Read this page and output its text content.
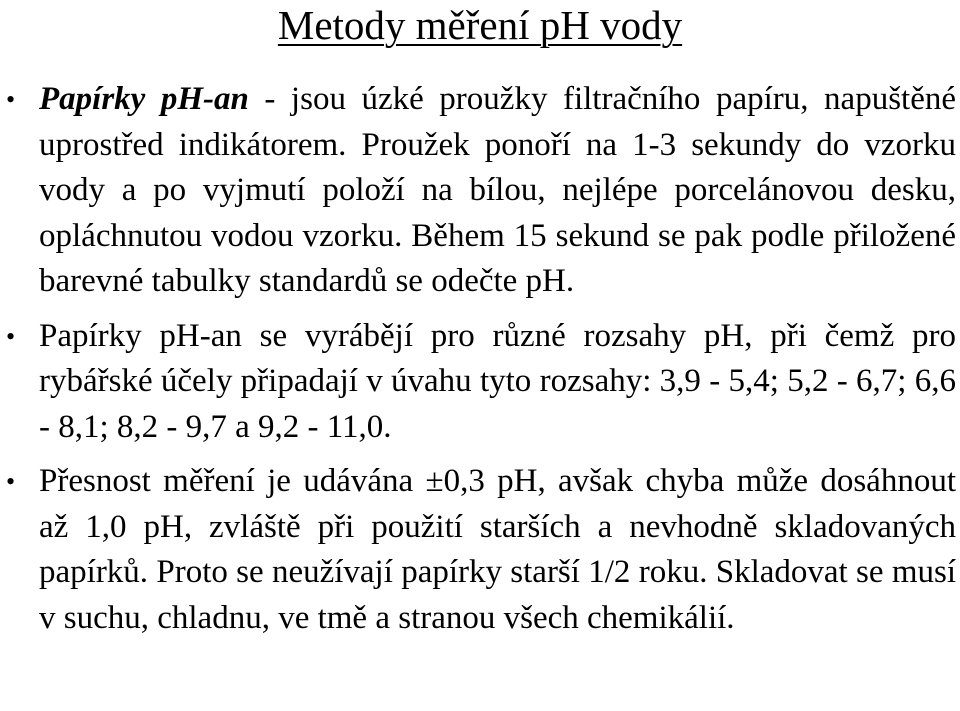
Metody měření pH vody
• Papírky pH-an - jsou úzké proužky filtračního papíru, napuštěné uprostřed indikátorem. Proužek ponoří na 1-3 sekundy do vzorku vody a po vyjmutí položí na bílou, nejlépe porcelánovou desku, opláchnutou vodou vzorku. Během 15 sekund se pak podle přiložené barevné tabulky standardů se odečte pH.
• Papírky pH-an se vyrábějí pro různé rozsahy pH, při čemž pro rybářské účely připadají v úvahu tyto rozsahy: 3,9 - 5,4; 5,2 - 6,7; 6,6 - 8,1; 8,2 - 9,7 a 9,2 - 11,0.
• Přesnost měření je udávána ±0,3 pH, avšak chyba může dosáhnout až 1,0 pH, zvláště při použití starších a nevhodně skladovaných papírků. Proto se neužívají papírky starší 1/2 roku. Skladovat se musí v suchu, chladnu, ve tmě a stranou všech chemikálií.
